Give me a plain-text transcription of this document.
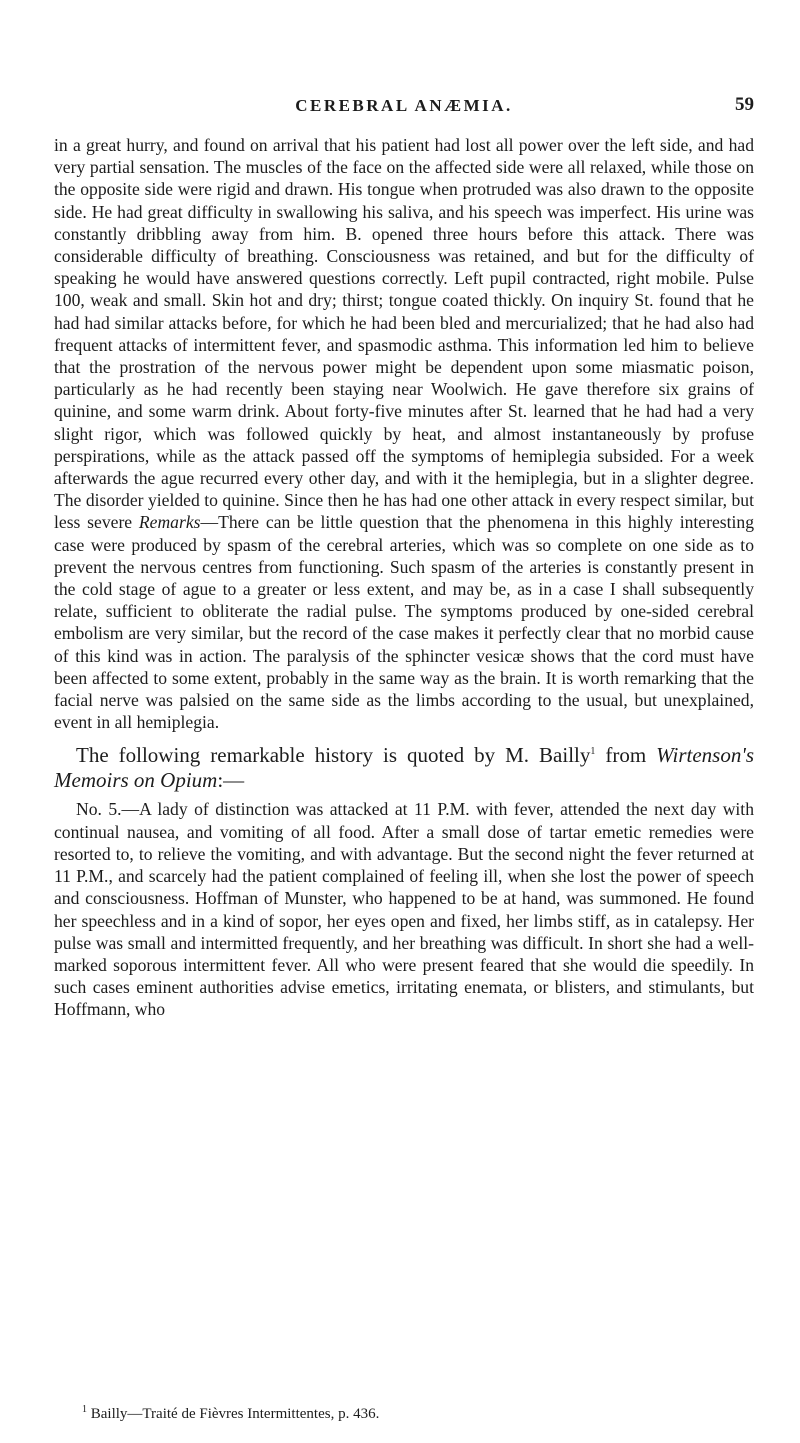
CEREBRAL ANÆMIA.	59

in a great hurry, and found on arrival that his patient had lost all power over the left side, and had very partial sensation. The muscles of the face on the affected side were all relaxed, while those on the opposite side were rigid and drawn. His tongue when protruded was also drawn to the opposite side. He had great difficulty in swallowing his saliva, and his speech was imperfect. His urine was constantly dribbling away from him. B. opened three hours before this attack. There was considerable difficulty of breathing. Consciousness was retained, and but for the difficulty of speaking he would have answered questions correctly. Left pupil contracted, right mobile. Pulse 100, weak and small. Skin hot and dry; thirst; tongue coated thickly. On inquiry St. found that he had had similar attacks before, for which he had been bled and mercurialized; that he had also had frequent attacks of intermittent fever, and spasmodic asthma. This information led him to believe that the prostration of the nervous power might be dependent upon some miasmatic poison, particularly as he had recently been staying near Woolwich. He gave therefore six grains of quinine, and some warm drink. About forty-five minutes after St. learned that he had had a very slight rigor, which was followed quickly by heat, and almost instantaneously by profuse perspirations, while as the attack passed off the symptoms of hemiplegia subsided. For a week afterwards the ague recurred every other day, and with it the hemiplegia, but in a slighter degree. The disorder yielded to quinine. Since then he has had one other attack in every respect similar, but less severe Remarks—There can be little question that the phenomena in this highly interesting case were produced by spasm of the cerebral arteries, which was so complete on one side as to prevent the nervous centres from functioning. Such spasm of the arteries is constantly present in the cold stage of ague to a greater or less extent, and may be, as in a case I shall subsequently relate, sufficient to obliterate the radial pulse. The symptoms produced by one-sided cerebral embolism are very similar, but the record of the case makes it perfectly clear that no morbid cause of this kind was in action. The paralysis of the sphincter vesicæ shows that the cord must have been affected to some extent, probably in the same way as the brain. It is worth remarking that the facial nerve was palsied on the same side as the limbs according to the usual, but unexplained, event in all hemiplegia.

The following remarkable history is quoted by M. Bailly$^1$ from Wirtenson's Memoirs on Opium:—

No. 5.—A lady of distinction was attacked at 11 P.M. with fever, attended the next day with continual nausea, and vomiting of all food. After a small dose of tartar emetic remedies were resorted to, to relieve the vomiting, and with advantage. But the second night the fever returned at 11 P.M., and scarcely had the patient complained of feeling ill, when she lost the power of speech and consciousness. Hoffman of Munster, who happened to be at hand, was summoned. He found her speechless and in a kind of sopor, her eyes open and fixed, her limbs stiff, as in catalepsy. Her pulse was small and intermitted frequently, and her breathing was difficult. In short she had a well-marked soporous intermittent fever. All who were present feared that she would die speedily. In such cases eminent authorities advise emetics, irritating enemata, or blisters, and stimulants, but Hoffmann, who

$^1$ Bailly—Traité de Fièvres Intermittentes, p. 436.
